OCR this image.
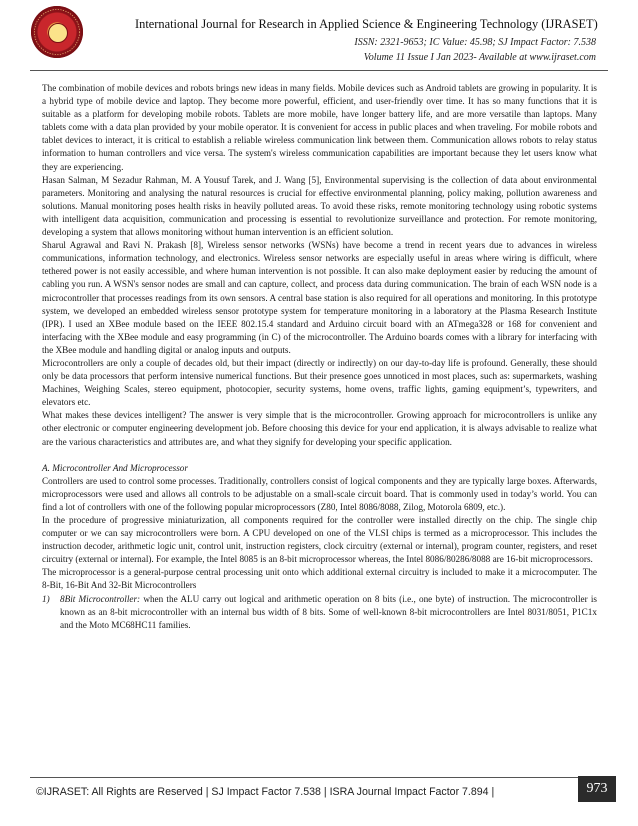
International Journal for Research in Applied Science & Engineering Technology (IJRASET)
ISSN: 2321-9653; IC Value: 45.98; SJ Impact Factor: 7.538
Volume 11 Issue I Jan 2023- Available at www.ijraset.com

The combination of mobile devices and robots brings new ideas in many fields. Mobile devices such as Android tablets are growing in popularity. It is a hybrid type of mobile device and laptop. They become more powerful, efficient, and user-friendly over time. It has so many functions that it is suitable as a platform for developing mobile robots. Tablets are more mobile, have longer battery life, and are more versatile than laptops. Many tablets come with a data plan provided by your mobile operator. It is convenient for access in public places and when traveling. For mobile robots and tablet devices to interact, it is critical to establish a reliable wireless communication link between them. Communication allows robots to relay status information to human controllers and vice versa. The system's wireless communication capabilities are important because they let users know what they are experiencing.

Hasan Salman, M Sezadur Rahman, M. A Yousuf Tarek, and J. Wang [5], Environmental supervising is the collection of data about environmental parameters. Monitoring and analysing the natural resources is crucial for effective environmental planning, policy making, pollution awareness and solutions. Manual monitoring poses health risks in heavily polluted areas. To avoid these risks, remote monitoring technology using robotic systems with intelligent data acquisition, communication and processing is essential to revolutionize surveillance and protection. For remote monitoring, developing a system that allows monitoring without human intervention is an efficient solution.

Sharul Agrawal and Ravi N. Prakash [8], Wireless sensor networks (WSNs) have become a trend in recent years due to advances in wireless communications, information technology, and electronics. Wireless sensor networks are especially useful in areas where wiring is difficult, where tethered power is not easily accessible, and where human intervention is not possible. It can also make deployment easier by reducing the amount of cabling you run. A WSN's sensor nodes are small and can capture, collect, and process data during communication. The brain of each WSN node is a microcontroller that processes readings from its own sensors. A central base station is also required for all operations and monitoring. In this prototype system, we developed an embedded wireless sensor prototype system for temperature monitoring in a laboratory at the Plasma Research Institute (IPR). I used an XBee module based on the IEEE 802.15.4 standard and Arduino circuit board with an ATmega328 or 168 for convenient and interfacing with the XBee module and easy programming (in C) of the microcontroller. The Arduino boards comes with a library for interfacing with the XBee module and handling digital or analog inputs and outputs.

Microcontrollers are only a couple of decades old, but their impact (directly or indirectly) on our day-to-day life is profound. Generally, these should only be data processors that perform intensive numerical functions. But their presence goes unnoticed in most places, such as: supermarkets, washing Machines, Weighing Scales, stereo equipment, photocopier, security systems, home ovens, traffic lights, gaming equipment’s, typewriters, and elevators etc.

What makes these devices intelligent? The answer is very simple that is the microcontroller. Growing approach for microcontrollers is unlike any other electronic or computer engineering development job. Before choosing this device for your end application, it is always advisable to realize what are the various characteristics and attributes are, and what they signify for developing your specific application.

A. Microcontroller And Microprocessor

Controllers are used to control some processes. Traditionally, controllers consist of logical components and they are typically large boxes. Afterwards, microprocessors were used and allows all controls to be adjustable on a small-scale circuit board. That is commonly used in today’s world. You can find a lot of controllers with one of the following popular microprocessors (Z80, Intel 8086/8088, Zilog, Motorola 6809, etc.).

In the procedure of progressive miniaturization, all components required for the controller were installed directly on the chip. The single chip computer or we can say microcontrollers were born. A CPU developed on one of the VLSI chips is termed as a microprocessor. This includes the instruction decoder, arithmetic logic unit, control unit, instruction registers, clock circuitry (external or internal), program counter, registers, and reset circuitry (external or internal). For example, the Intel 8085 is an 8-bit microprocessor whereas, the Intel 8086/80286/8088 are 16-bit microprocessors.

The microprocessor is a general-purpose central processing unit onto which additional external circuitry is included to make it a microcomputer. The 8-Bit, 16-Bit And 32-Bit Microcontrollers

1) 8Bit Microcontroller: when the ALU carry out logical and arithmetic operation on 8 bits (i.e., one byte) of instruction. The microcontroller is known as an 8-bit microcontroller with an internal bus width of 8 bits. Some of well-known 8-bit microcontrollers are Intel 8031/8051, P1C1x and the Moto MC68HC11 families.
©IJRASET: All Rights are Reserved | SJ Impact Factor 7.538 | ISRA Journal Impact Factor 7.894 |	973
